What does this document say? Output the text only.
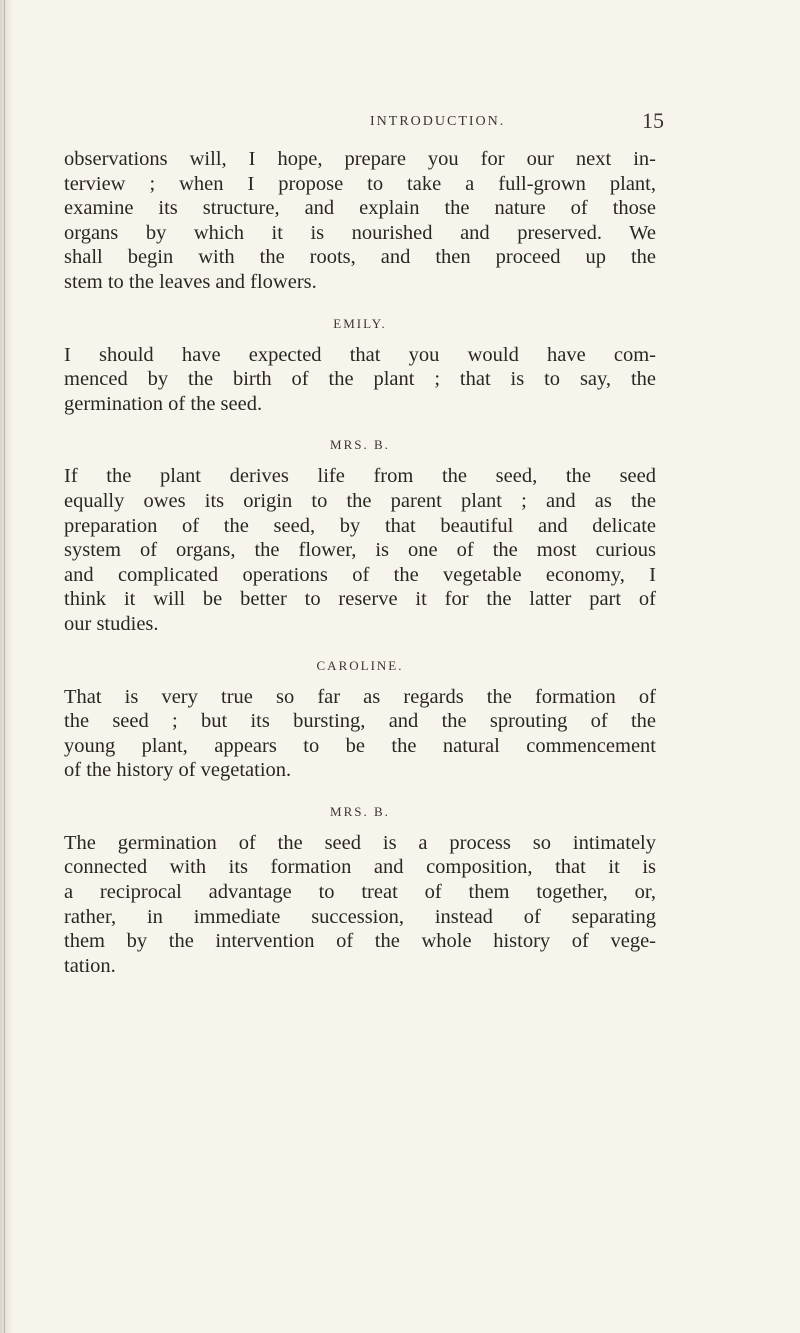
INTRODUCTION.	15

observations will, I hope, prepare you for our next in-
terview ; when I propose to take a full-grown plant,
examine its structure, and explain the nature of those
organs by which it is nourished and preserved. We
shall begin with the roots, and then proceed up the
stem to the leaves and flowers.

EMILY.

I should have expected that you would have com-
menced by the birth of the plant ; that is to say, the
germination of the seed.

MRS. B.

If the plant derives life from the seed, the seed
equally owes its origin to the parent plant ; and as the
preparation of the seed, by that beautiful and delicate
system of organs, the flower, is one of the most curious
and complicated operations of the vegetable economy, I
think it will be better to reserve it for the latter part of
our studies.

CAROLINE.

That is very true so far as regards the formation of
the seed ; but its bursting, and the sprouting of the
young plant, appears to be the natural commencement
of the history of vegetation.

MRS. B.

The germination of the seed is a process so intimately
connected with its formation and composition, that it is
a reciprocal advantage to treat of them together, or,
rather, in immediate succession, instead of separating
them by the intervention of the whole history of vege-
tation.
